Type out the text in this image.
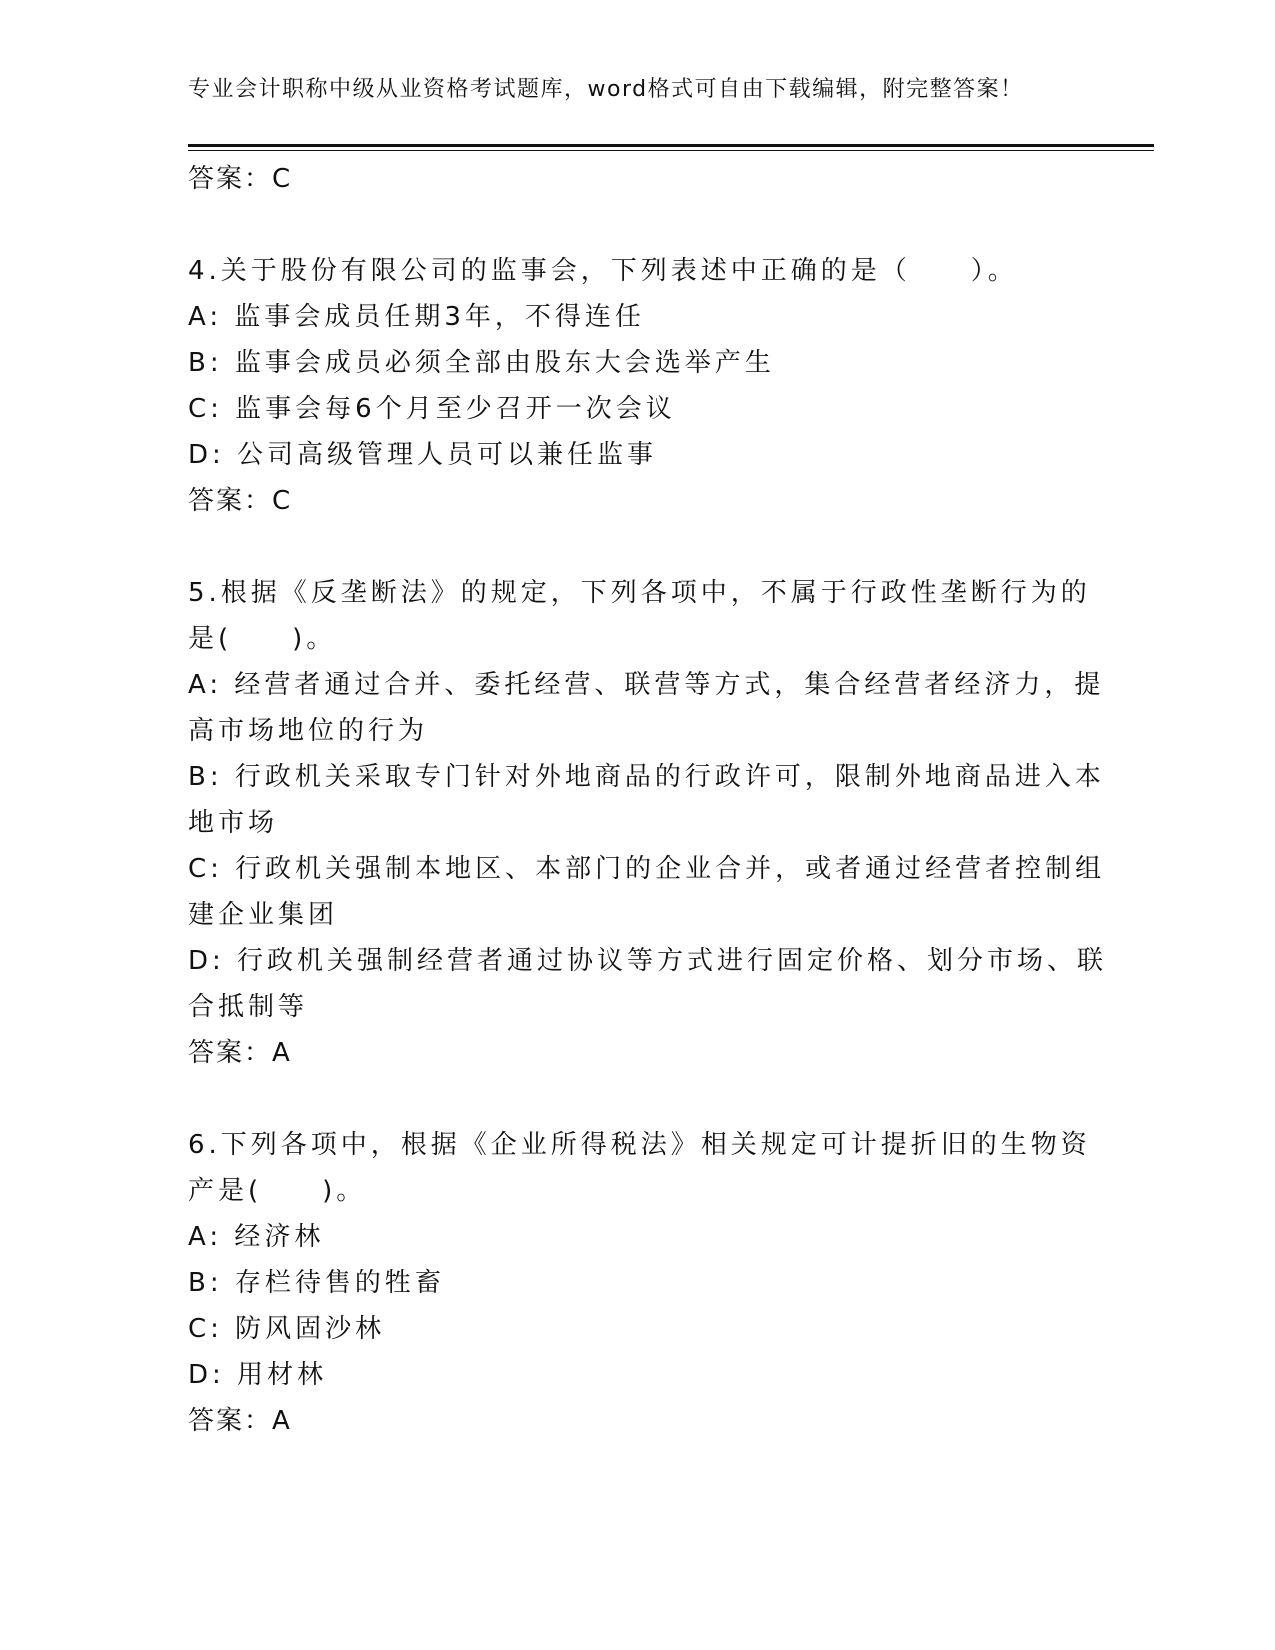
专业会计职称中级从业资格考试题库，word格式可自由下载编辑，附完整答案！
答案：C
4.关于股份有限公司的监事会，下列表述中正确的是（　　）。
A: 监事会成员任期3年，不得连任
B: 监事会成员必须全部由股东大会选举产生
C: 监事会每6个月至少召开一次会议
D: 公司高级管理人员可以兼任监事
答案：C
5.根据《反垄断法》的规定，下列各项中，不属于行政性垄断行为的
是(　　)。
A: 经营者通过合并、委托经营、联营等方式，集合经营者经济力，提
高市场地位的行为
B: 行政机关采取专门针对外地商品的行政许可，限制外地商品进入本
地市场
C: 行政机关强制本地区、本部门的企业合并，或者通过经营者控制组
建企业集团
D: 行政机关强制经营者通过协议等方式进行固定价格、划分市场、联
合抵制等
答案：A
6.下列各项中，根据《企业所得税法》相关规定可计提折旧的生物资
产是(　　)。
A: 经济林
B: 存栏待售的牲畜
C: 防风固沙林
D: 用材林
答案：A
